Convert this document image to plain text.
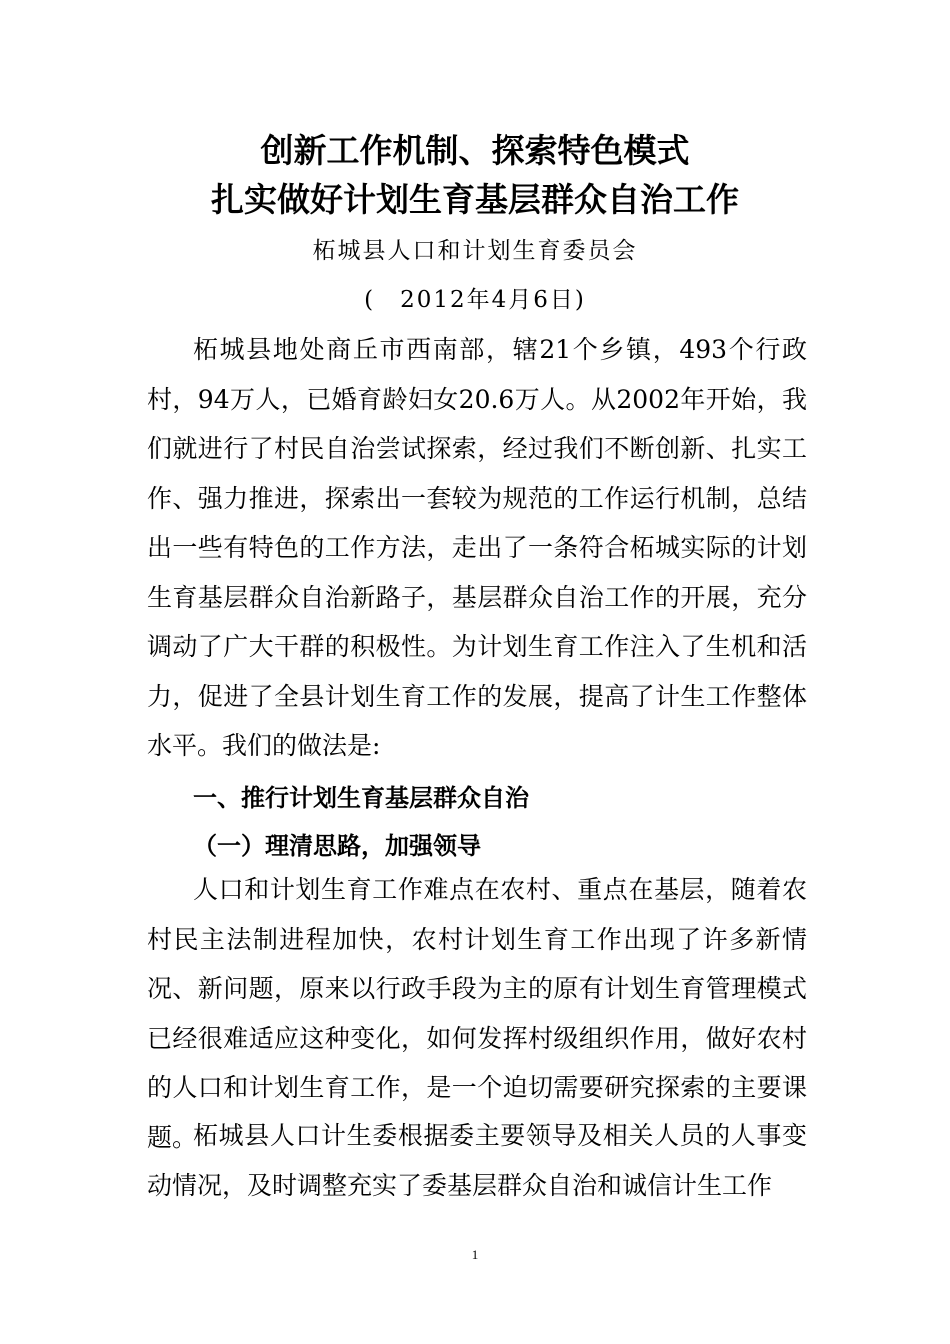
创新工作机制、探索特色模式
扎实做好计划生育基层群众自治工作
柘城县人口和计划生育委员会
(　2012年4月6日)
柘城县地处商丘市西南部，辖21个乡镇，493个行政村，94万人，已婚育龄妇女20.6万人。从2002年开始，我们就进行了村民自治尝试探索，经过我们不断创新、扎实工作、强力推进，探索出一套较为规范的工作运行机制，总结出一些有特色的工作方法，走出了一条符合柘城实际的计划生育基层群众自治新路子，基层群众自治工作的开展，充分调动了广大干群的积极性。为计划生育工作注入了生机和活力，促进了全县计划生育工作的发展，提高了计生工作整体水平。我们的做法是:
一、推行计划生育基层群众自治
（一）理清思路，加强领导
人口和计划生育工作难点在农村、重点在基层，随着农村民主法制进程加快，农村计划生育工作出现了许多新情况、新问题，原来以行政手段为主的原有计划生育管理模式已经很难适应这种变化，如何发挥村级组织作用，做好农村的人口和计划生育工作，是一个迫切需要研究探索的主要课题。
柘城县人口计生委根据委主要领导及相关人员的人事变动情况，及时调整充实了委基层群众自治和诚信计生工作
1
